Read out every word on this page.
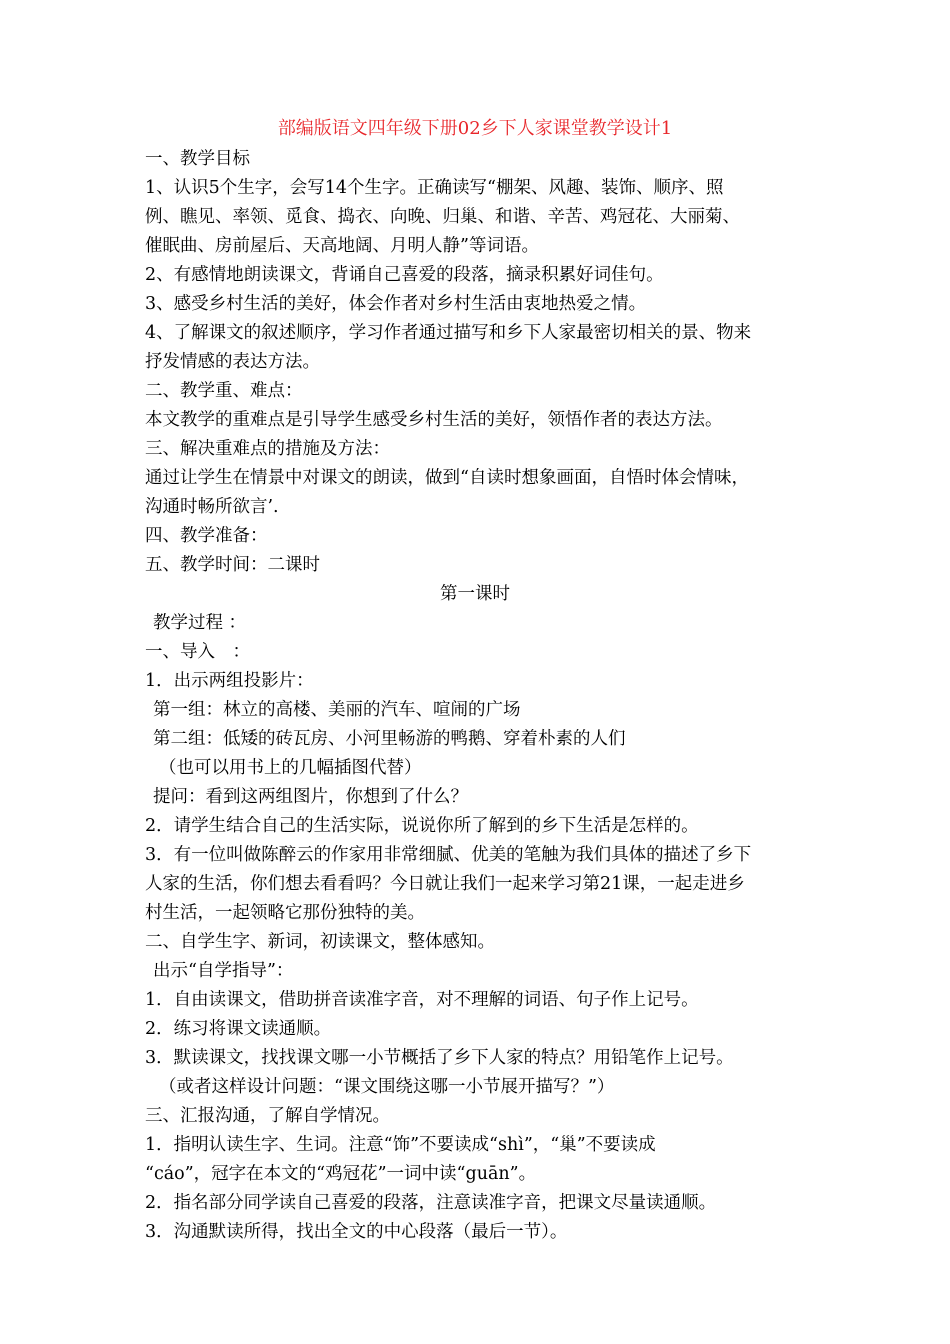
部编版语文四年级下册02乡下人家课堂教学设计1
一、教学目标
1、认识5个生字，会写14个生字。正确读写“棚架、风趣、装饰、顺序、照
例、瞧见、率领、觅食、捣衣、向晚、归巢、和谐、辛苦、鸡冠花、大丽菊、
催眠曲、房前屋后、天高地阔、月明人静”等词语。
2、有感情地朗读课文，背诵自己喜爱的段落，摘录积累好词佳句。
3、感受乡村生活的美好，体会作者对乡村生活由衷地热爱之情。
4、了解课文的叙述顺序，学习作者通过描写和乡下人家最密切相关的景、物来
抒发情感的表达方法。
二、教学重、难点：
本文教学的重难点是引导学生感受乡村生活的美好，领悟作者的表达方法。
三、解决重难点的措施及方法：
通过让学生在情景中对课文的朗读，做到“自读时想象画面，自悟时体会情味，
沟通时畅所欲言’.
四、教学准备：
五、教学时间：二课时
第一课时
教学过程 ：
一、导入　：
1．出示两组投影片：
第一组：林立的高楼、美丽的汽车、喧闹的广场
第二组：低矮的砖瓦房、小河里畅游的鸭鹅、穿着朴素的人们
（也可以用书上的几幅插图代替）
提问：看到这两组图片，你想到了什么？
2．请学生结合自己的生活实际，说说你所了解到的乡下生活是怎样的。
3．有一位叫做陈醉云的作家用非常细腻、优美的笔触为我们具体的描述了乡下
人家的生活，你们想去看看吗？今日就让我们一起来学习第21课，一起走进乡
村生活，一起领略它那份独特的美。
二、自学生字、新词，初读课文，整体感知。
出示“自学指导”：
1．自由读课文，借助拼音读准字音，对不理解的词语、句子作上记号。
2．练习将课文读通顺。
3．默读课文，找找课文哪一小节概括了乡下人家的特点？用铅笔作上记号。
（或者这样设计问题：“课文围绕这哪一小节展开描写？”）
三、汇报沟通，了解自学情况。
1．指明认读生字、生词。注意“饰”不要读成“shì”，“巢”不要读成
“cáo”，冠字在本文的“鸡冠花”一词中读“guān”。
2．指名部分同学读自己喜爱的段落，注意读准字音，把课文尽量读通顺。
3．沟通默读所得，找出全文的中心段落（最后一节）。
